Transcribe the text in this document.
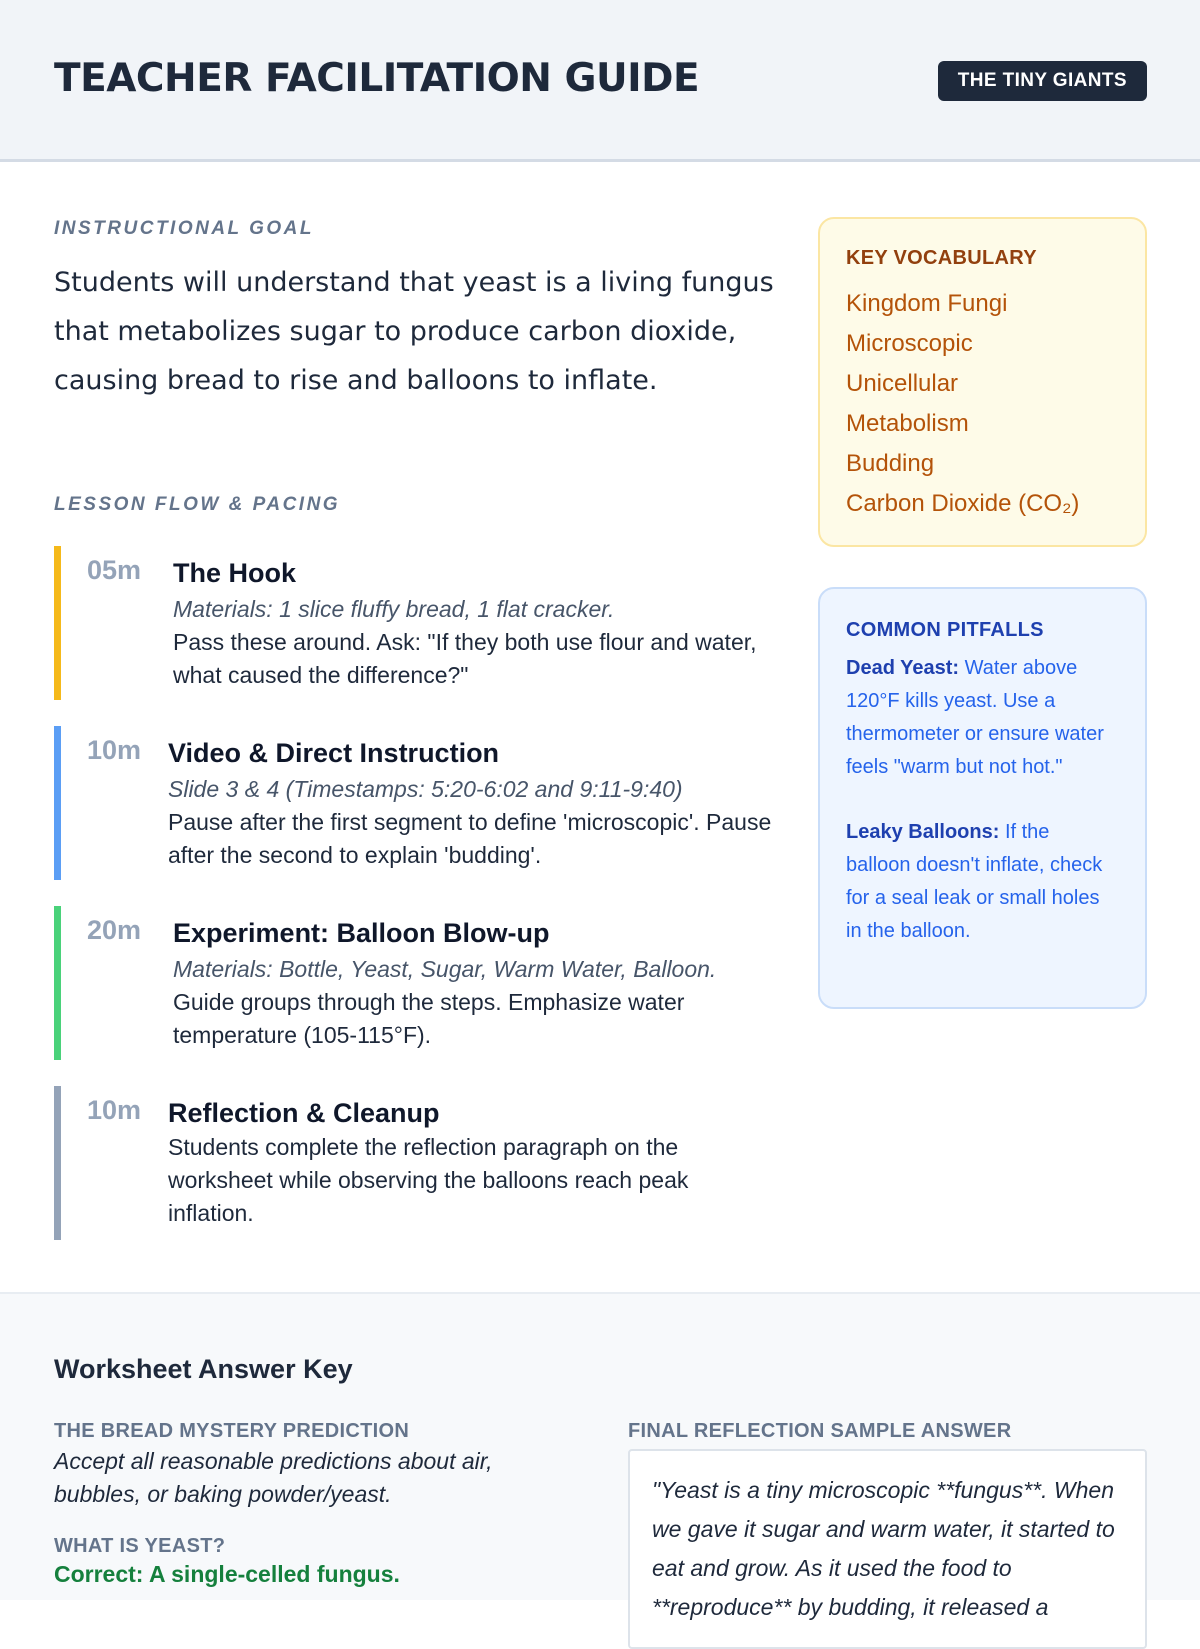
TEACHER FACILITATION GUIDE	THE TINY GIANTS
INSTRUCTIONAL GOAL

Students will understand that yeast is a living fungus that metabolizes sugar to produce carbon dioxide, causing bread to rise and balloons to inflate.

LESSON FLOW & PACING
05m The Hook
Materials: 1 slice fluffy bread, 1 flat cracker.
Pass these around. Ask: "If they both use flour and water, what caused the difference?"
10m Video & Direct Instruction
Slide 3 & 4 (Timestamps: 5:20-6:02 and 9:11-9:40)
Pause after the first segment to define 'microscopic'. Pause after the second to explain 'budding'.
20m Experiment: Balloon Blow-up
Materials: Bottle, Yeast, Sugar, Warm Water, Balloon.
Guide groups through the steps. Emphasize water temperature (105-115°F).
10m Reflection & Cleanup
Students complete the reflection paragraph on the worksheet while observing the balloons reach peak inflation.
KEY VOCABULARY
Kingdom Fungi
Microscopic
Unicellular
Metabolism
Budding
Carbon Dioxide (CO₂)
COMMON PITFALLS

Dead Yeast: Water above 120°F kills yeast. Use a thermometer or ensure water feels "warm but not hot."

Leaky Balloons: If the balloon doesn't inflate, check for a seal leak or small holes in the balloon.

Worksheet Answer Key
THE BREAD MYSTERY PREDICTION
Accept all reasonable predictions about air, bubbles, or baking powder/yeast.
WHAT IS YEAST?
Correct: A single-celled fungus.
FINAL REFLECTION SAMPLE ANSWER
"Yeast is a tiny microscopic **fungus**. When we gave it sugar and warm water, it started to eat and grow. As it used the food to **reproduce** by budding, it released a
